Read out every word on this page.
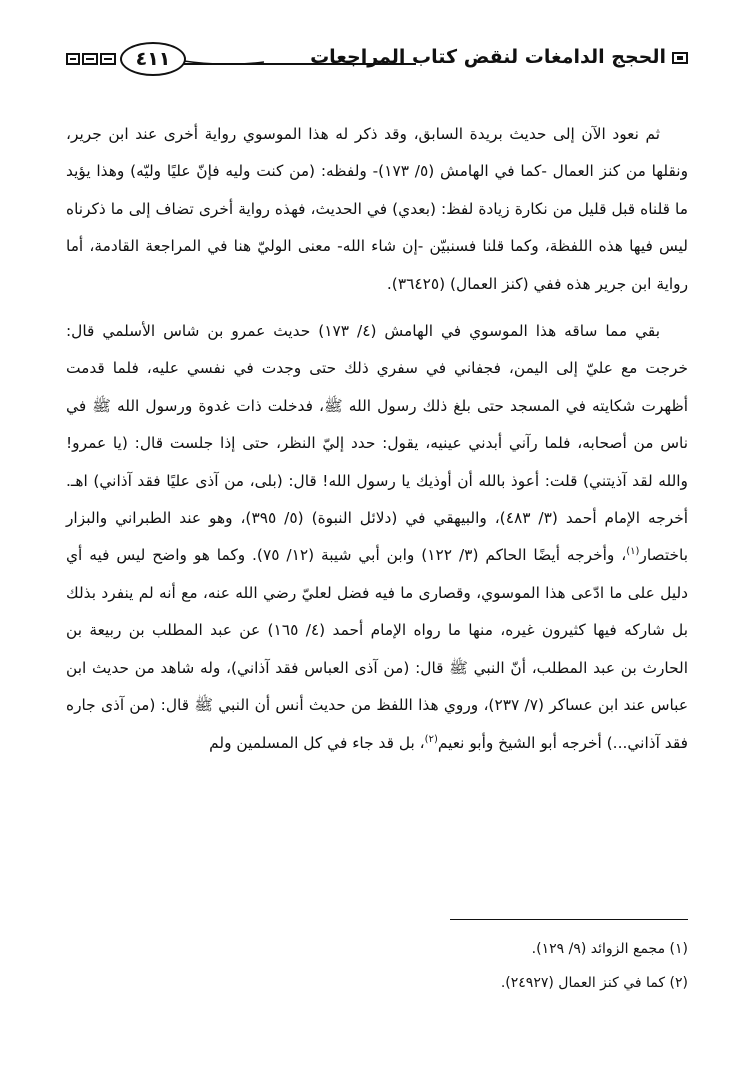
الحجج الدامغات لنقض كتاب المراجعات
٤١١

ثم نعود الآن إلى حديث بريدة السابق، وقد ذكر له هذا الموسوي رواية أخرى عند ابن جرير، ونقلها من كنز العمال -كما في الهامش (٥/ ١٧٣)- ولفظه: (من كنت وليه فإنّ عليًا وليّه) وهذا يؤيد ما قلناه قبل قليل من نكارة زيادة لفظ: (بعدي) في الحديث، فهذه رواية أخرى تضاف إلى ما ذكرناه ليس فيها هذه اللفظة، وكما قلنا فسنبيّن -إن شاء الله- معنى الوليّ هنا في المراجعة القادمة، أما رواية ابن جرير هذه ففي (كنز العمال) (٣٦٤٢٥).

بقي مما ساقه هذا الموسوي في الهامش (٤/ ١٧٣) حديث عمرو بن شاس الأسلمي قال: خرجت مع عليّ إلى اليمن، فجفاني في سفري ذلك حتى وجدت في نفسي عليه، فلما قدمت أظهرت شكايته في المسجد حتى بلغ ذلك رسول الله ﷺ، فدخلت ذات غدوة ورسول الله ﷺ في ناس من أصحابه، فلما رآني أبدني عينيه، يقول: حدد إليّ النظر، حتى إذا جلست قال: (يا عمرو! والله لقد آذيتني) قلت: أعوذ بالله أن أوذيك يا رسول الله! قال: (بلى، من آذى عليًا فقد آذاني) اهـ. أخرجه الإمام أحمد (٣/ ٤٨٣)، والبيهقي في (دلائل النبوة) (٥/ ٣٩٥)، وهو عند الطبراني والبزار باختصار$^{(١)}$، وأخرجه أيضًا الحاكم (٣/ ١٢٢) وابن أبي شيبة (١٢/ ٧٥). وكما هو واضح ليس فيه أي دليل على ما ادّعى هذا الموسوي، وقصارى ما فيه فضل لعليّ رضي الله عنه، مع أنه لم ينفرد بذلك بل شاركه فيها كثيرون غيره، منها ما رواه الإمام أحمد (٤/ ١٦٥) عن عبد المطلب بن ربيعة بن الحارث بن عبد المطلب، أنّ النبي ﷺ قال: (من آذى العباس فقد آذاني)، وله شاهد من حديث ابن عباس عند ابن عساكر (٧/ ٢٣٧)، وروي هذا اللفظ من حديث أنس أن النبي ﷺ قال: (من آذى جاره فقد آذاني...) أخرجه أبو الشيخ وأبو نعيم$^{(٢)}$، بل قد جاء في كل المسلمين ولم

(١) مجمع الزوائد (٩/ ١٢٩).
(٢) كما في كنز العمال (٢٤٩٢٧).
